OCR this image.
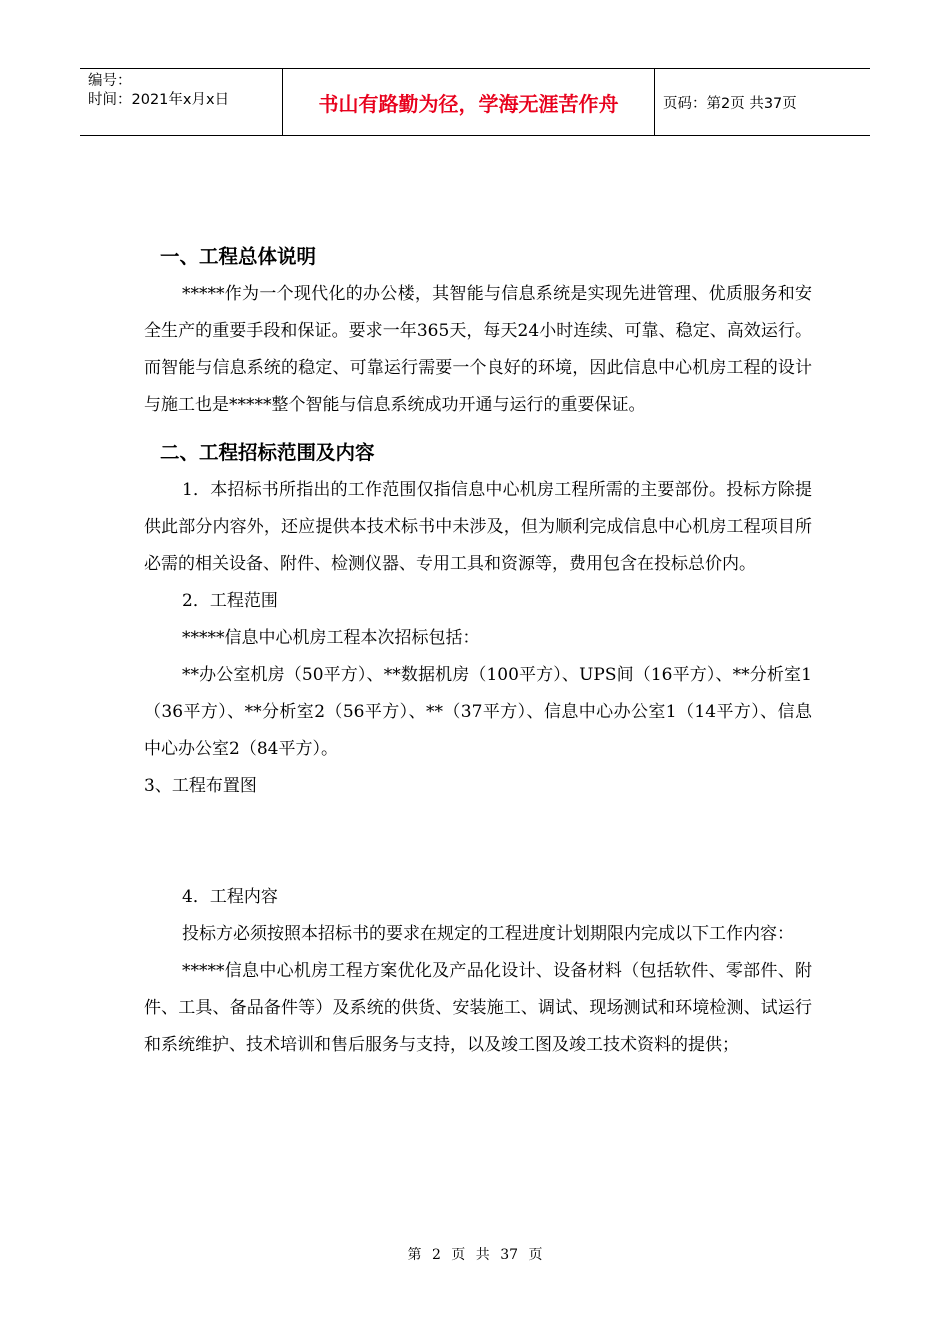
编号：
时间：2021年x月x日	书山有路勤为径，学海无涯苦作舟	页码：第2页 共37页
一、工程总体说明

*****作为一个现代化的办公楼，其智能与信息系统是实现先进管理、优质服务和安全生产的重要手段和保证。要求一年365天，每天24小时连续、可靠、稳定、高效运行。而智能与信息系统的稳定、可靠运行需要一个良好的环境，因此信息中心机房工程的设计与施工也是*****整个智能与信息系统成功开通与运行的重要保证。

二、工程招标范围及内容

1．本招标书所指出的工作范围仅指信息中心机房工程所需的主要部份。投标方除提供此部分内容外，还应提供本技术标书中未涉及，但为顺利完成信息中心机房工程项目所必需的相关设备、附件、检测仪器、专用工具和资源等，费用包含在投标总价内。

2．工程范围

*****信息中心机房工程本次招标包括：

**办公室机房（50平方）、**数据机房（100平方）、UPS间（16平方）、**分析室1（36平方）、**分析室2（56平方）、**（37平方）、信息中心办公室1（14平方）、信息中心办公室2（84平方）。

3、工程布置图

4．工程内容

投标方必须按照本招标书的要求在规定的工程进度计划期限内完成以下工作内容：

*****信息中心机房工程方案优化及产品化设计、设备材料（包括软件、零部件、附件、工具、备品备件等）及系统的供货、安装施工、调试、现场测试和环境检测、试运行和系统维护、技术培训和售后服务与支持，以及竣工图及竣工技术资料的提供；

第 2 页 共 37 页
